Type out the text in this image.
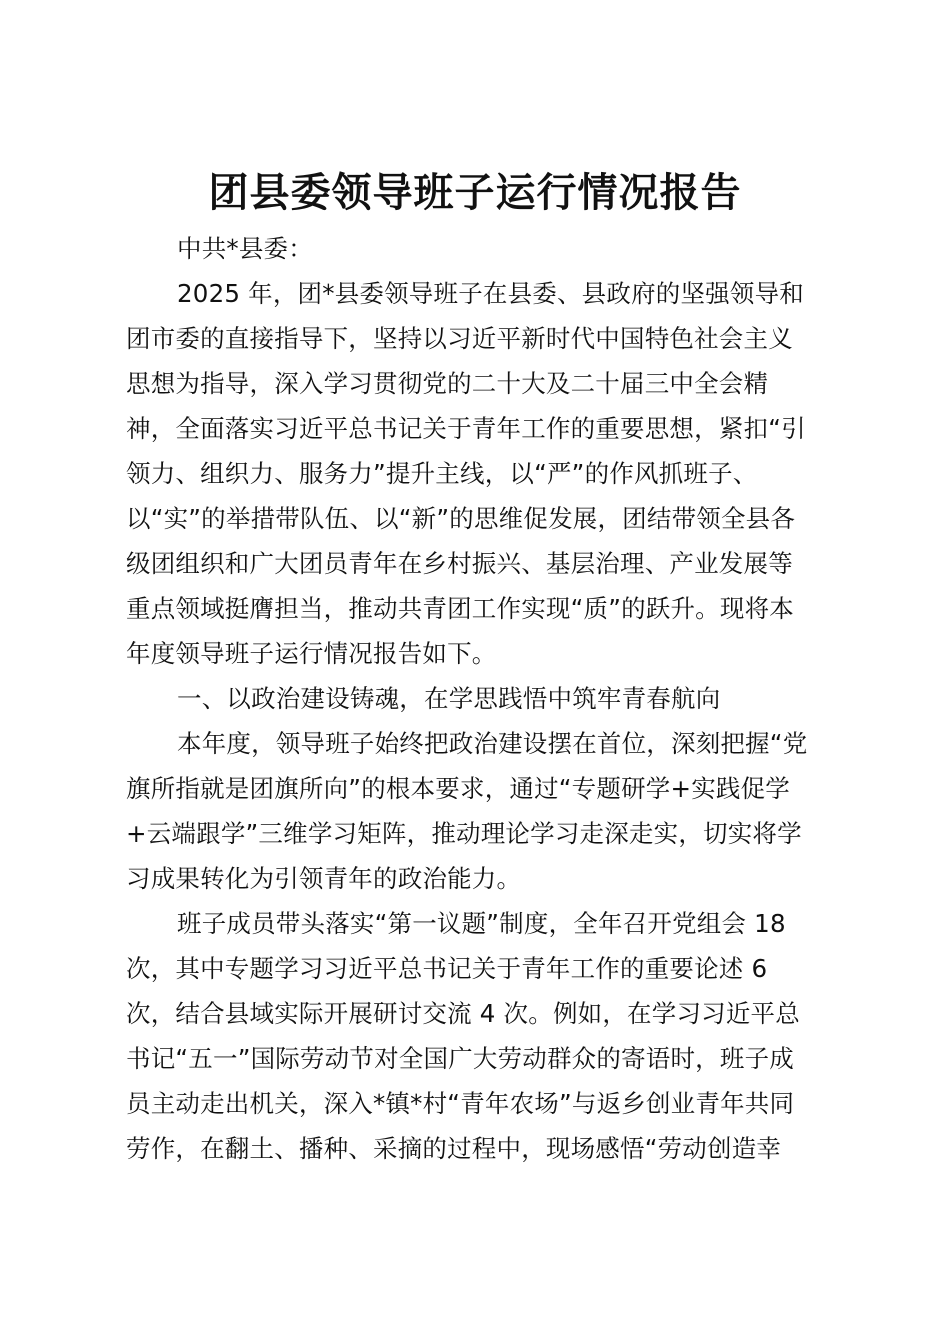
团县委领导班子运行情况报告

中共*县委：

2025 年，团*县委领导班子在县委、县政府的坚强领导和
团市委的直接指导下，坚持以习近平新时代中国特色社会主义
思想为指导，深入学习贯彻党的二十大及二十届三中全会精
神，全面落实习近平总书记关于青年工作的重要思想，紧扣“引
领力、组织力、服务力”提升主线，以“严”的作风抓班子、
以“实”的举措带队伍、以“新”的思维促发展，团结带领全县各
级团组织和广大团员青年在乡村振兴、基层治理、产业发展等
重点领域挺膺担当，推动共青团工作实现“质”的跃升。现将本
年度领导班子运行情况报告如下。

一、以政治建设铸魂，在学思践悟中筑牢青春航向

本年度，领导班子始终把政治建设摆在首位，深刻把握“党
旗所指就是团旗所向”的根本要求，通过“专题研学+实践促学
+云端跟学”三维学习矩阵，推动理论学习走深走实，切实将学
习成果转化为引领青年的政治能力。

班子成员带头落实“第一议题”制度，全年召开党组会 18
次，其中专题学习习近平总书记关于青年工作的重要论述 6
次，结合县域实际开展研讨交流 4 次。例如，在学习习近平总
书记“五一”国际劳动节对全国广大劳动群众的寄语时，班子成
员主动走出机关，深入*镇*村“青年农场”与返乡创业青年共同
劳作，在翻土、播种、采摘的过程中，现场感悟“劳动创造幸
